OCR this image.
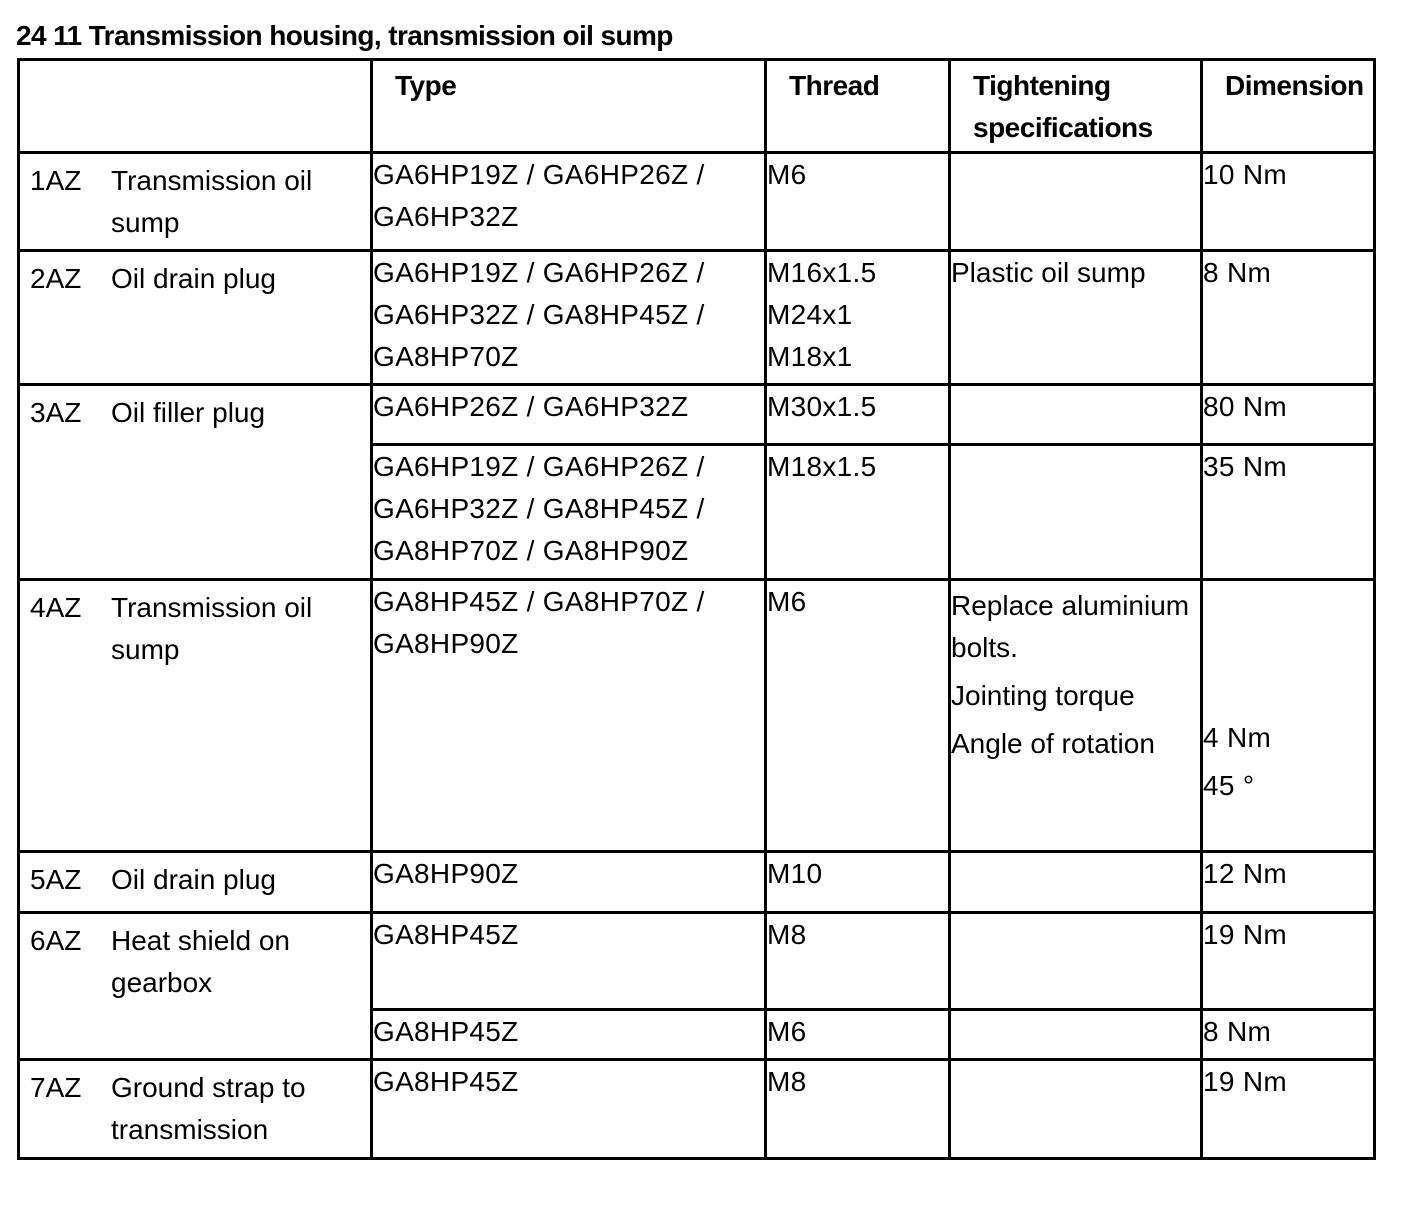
24 11 Transmission housing, transmission oil sump
	Type	Thread	Tightening
specifications	Dimension

1AZ Transmission oil sump	GA6HP19Z / GA6HP26Z / GA6HP32Z	M6		10 Nm

2AZ Oil drain plug	GA6HP19Z / GA6HP26Z / GA6HP32Z / GA8HP45Z / GA8HP70Z	M16x1.5
M24x1
M18x1	Plastic oil sump	8 Nm

3AZ Oil filler plug	GA6HP26Z / GA6HP32Z	M30x1.5		80 Nm
	GA6HP19Z / GA6HP26Z / GA6HP32Z / GA8HP45Z / GA8HP70Z / GA8HP90Z	M18x1.5		35 Nm

4AZ Transmission oil sump	GA8HP45Z / GA8HP70Z / GA8HP90Z	M6	Replace aluminium bolts.
Jointing torque
Angle of rotation	4 Nm
45 °

5AZ Oil drain plug	GA8HP90Z	M10		12 Nm

6AZ Heat shield on gearbox	GA8HP45Z	M8		19 Nm
	GA8HP45Z	M6		8 Nm

7AZ Ground strap to transmission	GA8HP45Z	M8		19 Nm
